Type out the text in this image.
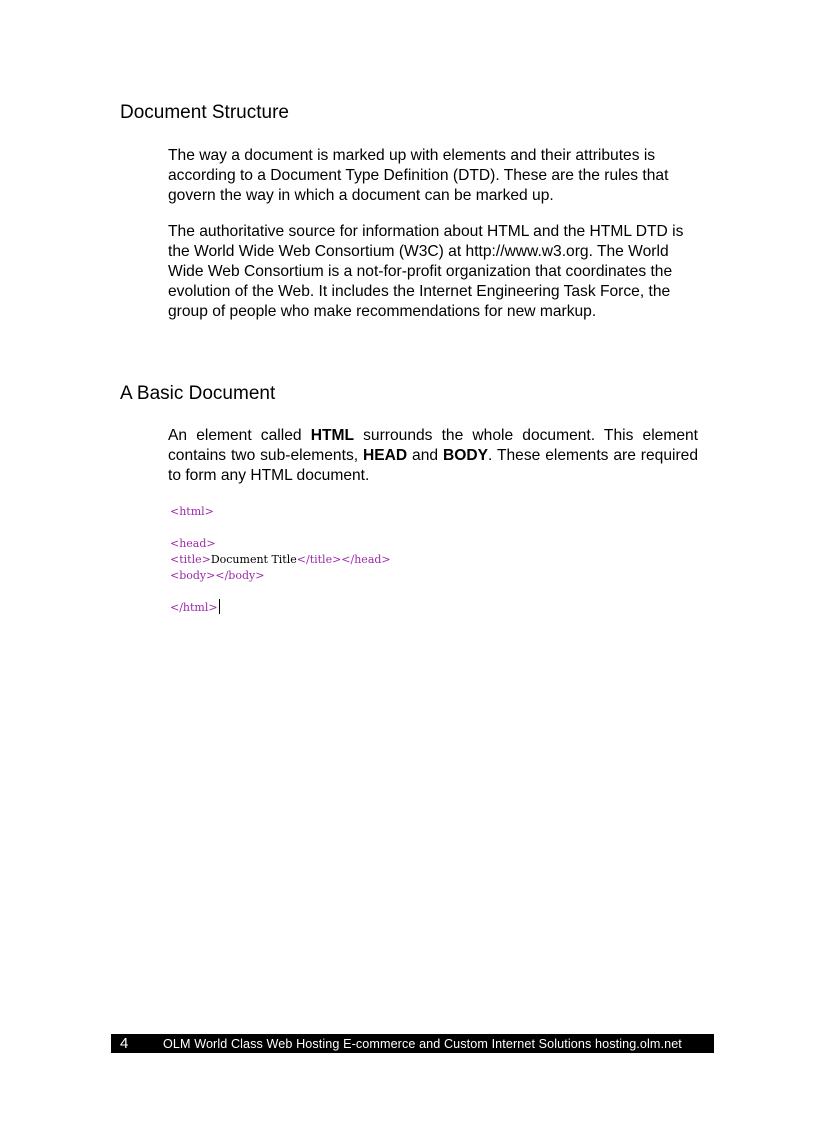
Document Structure

The way a document is marked up with elements and their attributes is according to a Document Type Definition (DTD). These are the rules that govern the way in which a document can be marked up.

The authoritative source for information about HTML and the HTML DTD is the World Wide Web Consortium (W3C) at http://www.w3.org. The World Wide Web Consortium is a not-for-profit organization that coordinates the evolution of the Web. It includes the Internet Engineering Task Force, the group of people who make recommendations for new markup.

A Basic Document

An element called HTML surrounds the whole document. This element contains two sub-elements, HEAD and BODY. These elements are required to form any HTML document.

<html>
<head>
<title>Document Title</title></head>
<body></body>
</html>
4	OLM World Class Web Hosting E-commerce and Custom Internet Solutions hosting.olm.net
